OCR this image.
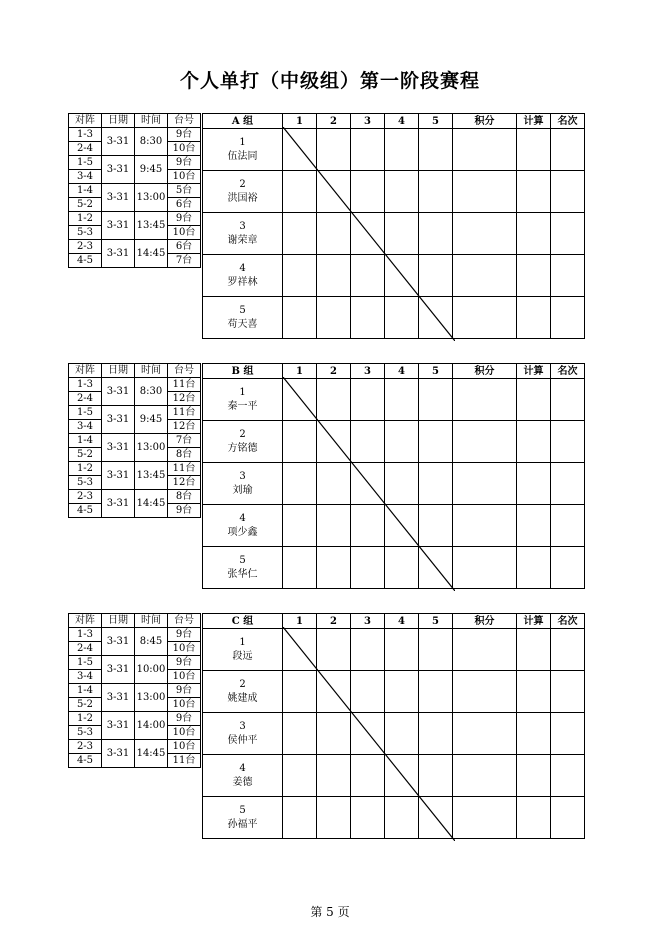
个人单打（中级组）第一阶段赛程
对阵	日期	时间	台号
1-3	3-31	8:30	9台
2-4			10台
1-5	3-31	9:45	9台
3-4			10台
1-4	3-31	13:00	5台
5-2			6台
1-2	3-31	13:45	9台
5-3			10台
2-3	3-31	14:45	6台
4-5			7台
A 组	1	2	3	4	5	积分	计算	名次

1
伍法同								

2
洪国裕								

3
谢荣章								

4
罗祥林								

5
苟天喜								

对阵	日期	时间	台号
1-3	3-31	8:30	11台
2-4			12台
1-5	3-31	9:45	11台
3-4			12台
1-4	3-31	13:00	7台
5-2			8台
1-2	3-31	13:45	11台
5-3			12台
2-3	3-31	14:45	8台
4-5			9台
B 组	1	2	3	4	5	积分	计算	名次

1
秦一平								

2
方铭德								

3
刘瑜								

4
项少鑫								

5
张华仁								

对阵	日期	时间	台号
1-3	3-31	8:45	9台
2-4			10台
1-5	3-31	10:00	9台
3-4			10台
1-4	3-31	13:00	9台
5-2			10台
1-2	3-31	14:00	9台
5-3			10台
2-3	3-31	14:45	10台
4-5			11台
C 组	1	2	3	4	5	积分	计算	名次

1
段远								

2
姚建成								

3
侯仲平								

4
姜德								

5
孙福平								

第 5 页
